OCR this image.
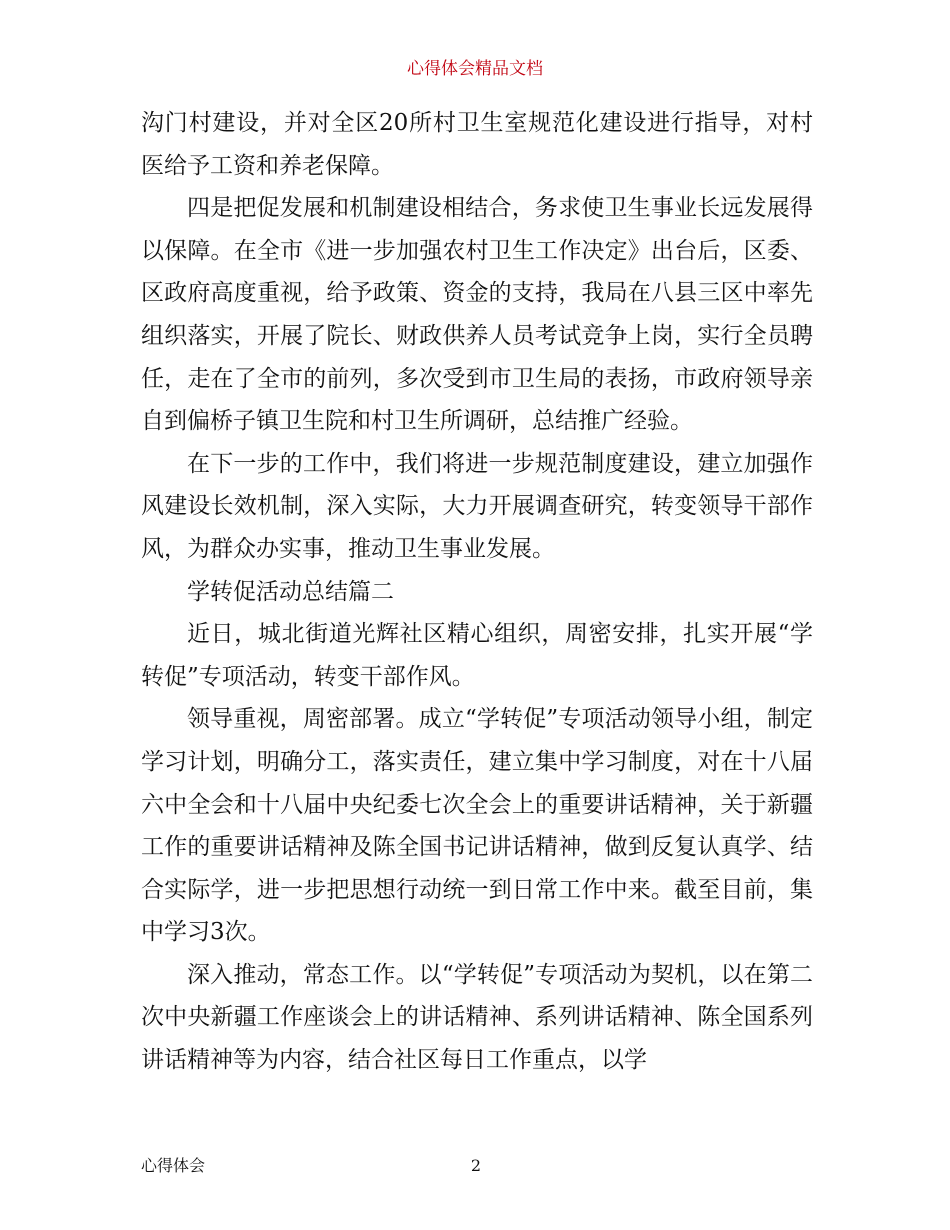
心得体会精品文档

沟门村建设，并对全区20所村卫生室规范化建设进行指导，对村医给予工资和养老保障。

四是把促发展和机制建设相结合，务求使卫生事业长远发展得以保障。在全市《进一步加强农村卫生工作决定》出台后，区委、区政府高度重视，给予政策、资金的支持，我局在八县三区中率先组织落实，开展了院长、财政供养人员考试竞争上岗，实行全员聘任，走在了全市的前列，多次受到市卫生局的表扬，市政府领导亲自到偏桥子镇卫生院和村卫生所调研，总结推广经验。

在下一步的工作中，我们将进一步规范制度建设，建立加强作风建设长效机制，深入实际，大力开展调查研究，转变领导干部作风，为群众办实事，推动卫生事业发展。

学转促活动总结篇二

近日，城北街道光辉社区精心组织，周密安排，扎实开展“学转促”专项活动，转变干部作风。

领导重视，周密部署。成立“学转促”专项活动领导小组，制定学习计划，明确分工，落实责任，建立集中学习制度，对在十八届六中全会和十八届中央纪委七次全会上的重要讲话精神，关于新疆工作的重要讲话精神及陈全国书记讲话精神，做到反复认真学、结合实际学，进一步把思想行动统一到日常工作中来。截至目前，集中学习3次。

深入推动，常态工作。以“学转促”专项活动为契机，以在第二次中央新疆工作座谈会上的讲话精神、系列讲话精神、陈全国系列讲话精神等为内容，结合社区每日工作重点，以学

心得体会	2
